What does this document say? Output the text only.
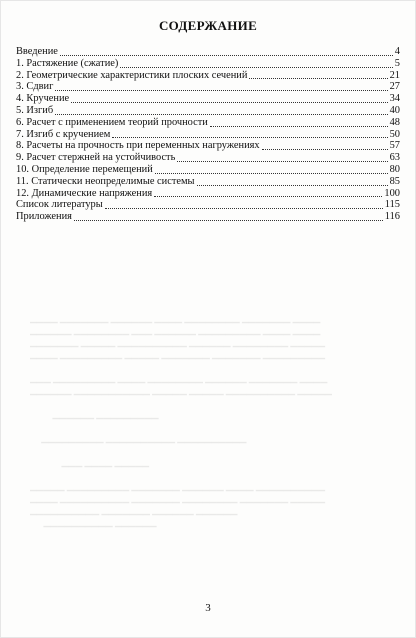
▁▁▁▁ ▁▁▁▁▁▁▁ ▁▁▁▁▁▁ ▁▁▁▁ ▁▁▁▁▁▁▁▁ ▁▁▁▁▁▁▁ ▁▁▁▁
▁▁▁▁▁▁ ▁▁▁▁▁▁▁▁ ▁▁▁ ▁▁▁▁▁▁ ▁▁▁▁▁▁▁▁▁ ▁▁▁▁ ▁▁▁▁
▁▁▁▁▁▁▁ ▁▁▁▁▁ ▁▁▁▁▁▁▁▁▁▁ ▁▁▁▁▁▁ ▁▁▁▁▁▁▁▁ ▁▁▁▁▁
▁▁▁▁ ▁▁▁▁▁▁▁▁▁ ▁▁▁▁▁ ▁▁▁▁▁▁▁ ▁▁▁▁▁▁▁ ▁▁▁▁▁▁▁▁▁

▁▁▁ ▁▁▁▁▁▁▁▁▁ ▁▁▁▁ ▁▁▁▁▁▁▁▁ ▁▁▁▁▁▁ ▁▁▁▁▁▁▁ ▁▁▁▁
▁▁▁▁▁▁ ▁▁▁▁▁▁▁▁▁▁▁ ▁▁▁▁▁ ▁▁▁▁▁ ▁▁▁▁▁▁▁▁▁▁ ▁▁▁▁▁

▁▁▁▁▁▁ ▁▁▁▁▁▁▁▁▁

▁▁▁▁▁▁▁▁▁ ▁▁▁▁▁▁▁▁▁▁ ▁▁▁▁▁▁▁▁▁▁

▁▁▁ ▁▁▁▁ ▁▁▁▁▁

▁▁▁▁▁ ▁▁▁▁▁▁▁▁▁ ▁▁▁▁▁▁▁ ▁▁▁▁▁▁ ▁▁▁▁ ▁▁▁▁▁▁▁▁▁▁
▁▁▁▁ ▁▁▁▁▁▁▁▁▁▁ ▁▁▁▁▁▁▁ ▁▁▁▁▁▁▁▁ ▁▁▁▁▁▁▁ ▁▁▁▁▁
▁▁▁▁▁▁▁▁▁▁ ▁▁▁▁▁▁▁ ▁▁▁▁▁▁ ▁▁▁▁▁▁
▁▁▁▁▁▁▁▁▁▁ ▁▁▁▁▁▁
СОДЕРЖАНИЕ
Введение	4
1. Растяжение (сжатие)	5
2. Геометрические характеристики плоских сечений	21
3. Сдвиг	27
4. Кручение	34
5. Изгиб	40
6. Расчет с применением теорий прочности	48
7. Изгиб с кручением	50
8. Расчеты на прочность при переменных нагружениях	57
9. Расчет стержней на устойчивость	63
10. Определение перемещений	80
11. Статически неопределимые системы	85
12. Динамические напряжения	100
Список литературы	115
Приложения	116
3
